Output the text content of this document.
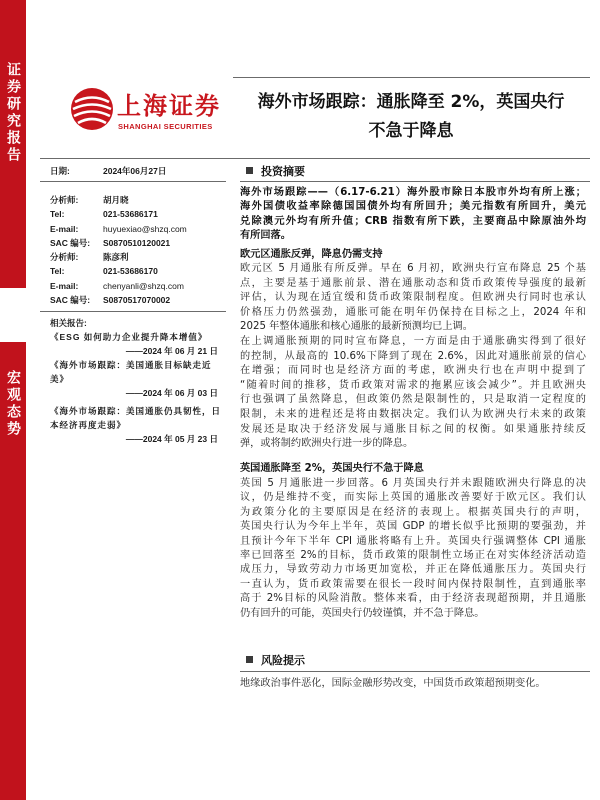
证券研究报告
宏观态势
上海证券
SHANGHAI SECURITIES
海外市场跟踪：通胀降至 2%，英国央行
不急于降息
日期:	2024年06月27日
分析师:	胡月晓
Tel:	021-53686171
E-mail:	huyuexiao@shzq.com
SAC 编号: S0870510120021
分析师:	陈彦利
Tel:	021-53686170
E-mail:	chenyanli@shzq.com
SAC 编号: S0870517070002
相关报告:
《ESG 如何助力企业提升降本增值》
——2024 年 06 月 21 日
《海外市场跟踪：美国通胀目标缺走近美》
——2024 年 06 月 03 日
《海外市场跟踪：美国通胀仍具韧性，日本经济再度走弱》
——2024 年 05 月 23 日
投资摘要
海外市场跟踪——（6.17-6.21）海外股市除日本股市外均有所上涨；
海外国债收益率除德国国债外均有所回升；美元指数有所回升，美元
兑除澳元外均有所升值；CRB 指数有所下跌，主要商品中除原油外均
有所回落。
欧元区通胀反弹，降息仍需支持
欧元区 5 月通胀有所反弹。早在 6 月初，欧洲央行宣布降息 25 个基
点，主要是基于通胀前景、潜在通胀动态和货币政策传导强度的最新
评估，认为现在适宜缓和货币政策限制程度。但欧洲央行同时也承认
价格压力仍然强劲，通胀可能在明年仍保持在目标之上，2024 年和
2025 年整体通胀和核心通胀的最新预测均已上调。
在上调通胀预期的同时宣布降息，一方面是由于通胀确实得到了很好
的控制，从最高的 10.6%下降到了现在 2.6%，因此对通胀前景的信心
在增强；而同时也是经济方面的考虑，欧洲央行也在声明中提到了
“随着时间的推移，货币政策对需求的拖累应该会减少”。并且欧洲央
行也强调了虽然降息，但政策仍然是限制性的，只是取消一定程度的
限制，未来的进程还是将由数据决定。我们认为欧洲央行未来的政策
发展还是取决于经济发展与通胀目标之间的权衡。如果通胀持续反
弹，或将制约欧洲央行进一步的降息。
英国通胀降至 2%，英国央行不急于降息
英国 5 月通胀进一步回落。6 月英国央行并未跟随欧洲央行降息的决
议，仍是维持不变，而实际上英国的通胀改善要好于欧元区。我们认
为政策分化的主要原因是在经济的表现上。根据英国央行的声明，
英国央行认为今年上半年，英国 GDP 的增长似乎比预期的要强劲，并
且预计今年下半年 CPI 通胀将略有上升。英国央行强调整体 CPI 通胀
率已回落至 2%的目标，货币政策的限制性立场正在对实体经济活动造
成压力，导致劳动力市场更加宽松，并正在降低通胀压力。英国央行
一直认为，货币政策需要在很长一段时间内保持限制性，直到通胀率
高于 2%目标的风险消散。整体来看，由于经济表现超预期，并且通胀
仍有回升的可能，英国央行仍较谨慎，并不急于降息。
风险提示
地缘政治事件恶化，国际金融形势改变，中国货币政策超预期变化。
